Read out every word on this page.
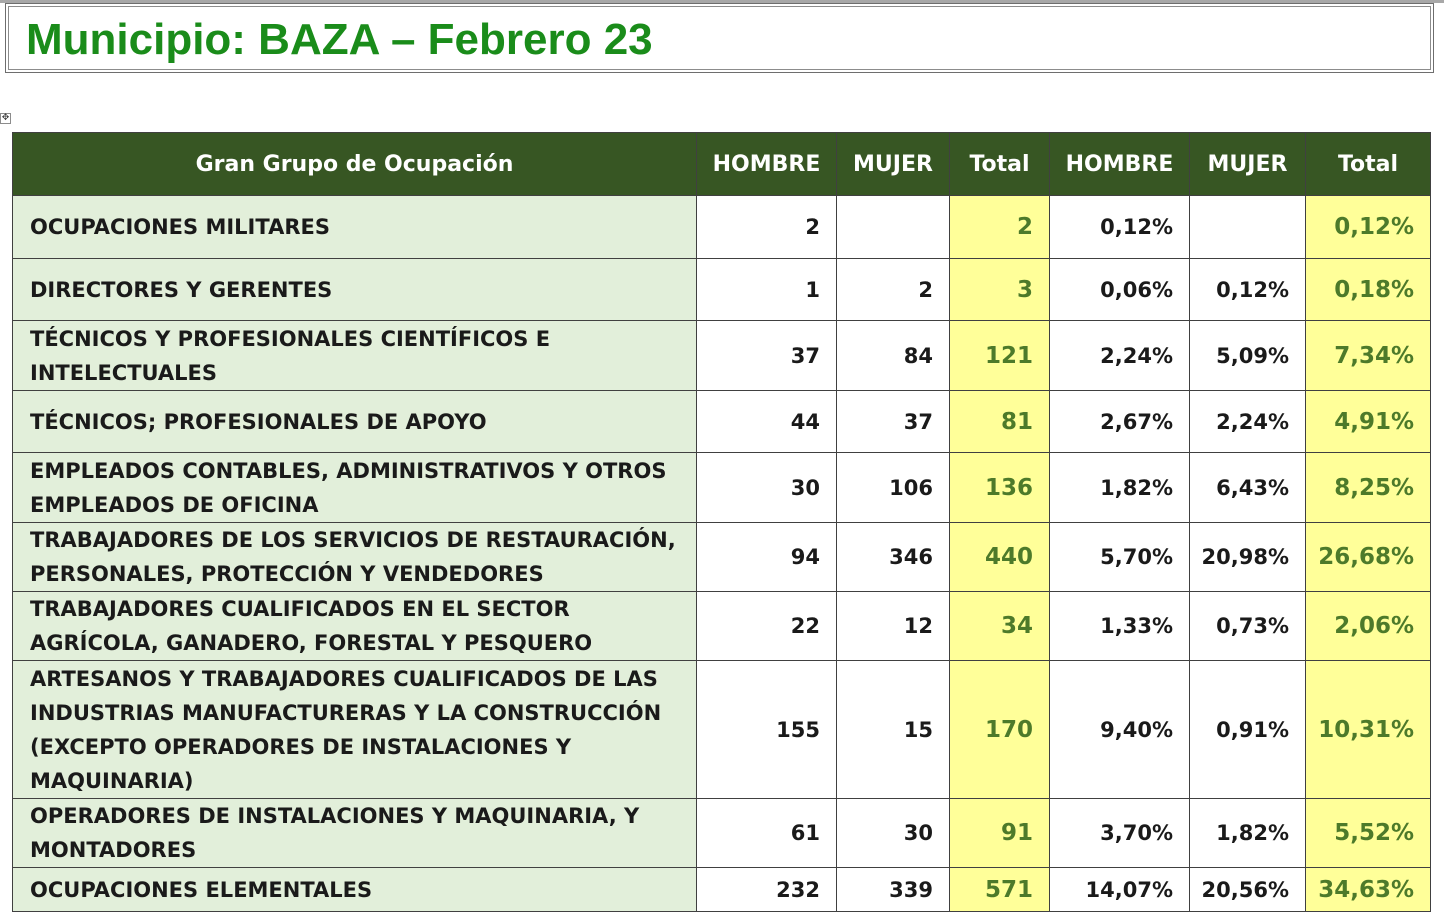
Municipio: BAZA – Febrero 23
✥
Gran Grupo de Ocupación	HOMBRE	MUJER	Total	HOMBRE	MUJER	Total
OCUPACIONES MILITARES	2		2	0,12%		0,12%
DIRECTORES Y GERENTES	1	2	3	0,06%	0,12%	0,18%
TÉCNICOS Y PROFESIONALES CIENTÍFICOS E INTELECTUALES	37	84	121	2,24%	5,09%	7,34%
TÉCNICOS; PROFESIONALES DE APOYO	44	37	81	2,67%	2,24%	4,91%
EMPLEADOS CONTABLES, ADMINISTRATIVOS Y OTROS EMPLEADOS DE OFICINA	30	106	136	1,82%	6,43%	8,25%
TRABAJADORES DE LOS SERVICIOS DE RESTAURACIÓN, PERSONALES, PROTECCIÓN Y VENDEDORES	94	346	440	5,70%	20,98%	26,68%
TRABAJADORES CUALIFICADOS EN EL SECTOR AGRÍCOLA, GANADERO, FORESTAL Y PESQUERO	22	12	34	1,33%	0,73%	2,06%
ARTESANOS Y TRABAJADORES CUALIFICADOS DE LAS INDUSTRIAS MANUFACTURERAS Y LA CONSTRUCCIÓN (EXCEPTO OPERADORES DE INSTALACIONES Y MAQUINARIA)	155	15	170	9,40%	0,91%	10,31%
OPERADORES DE INSTALACIONES Y MAQUINARIA, Y MONTADORES	61	30	91	3,70%	1,82%	5,52%
OCUPACIONES ELEMENTALES	232	339	571	14,07%	20,56%	34,63%
